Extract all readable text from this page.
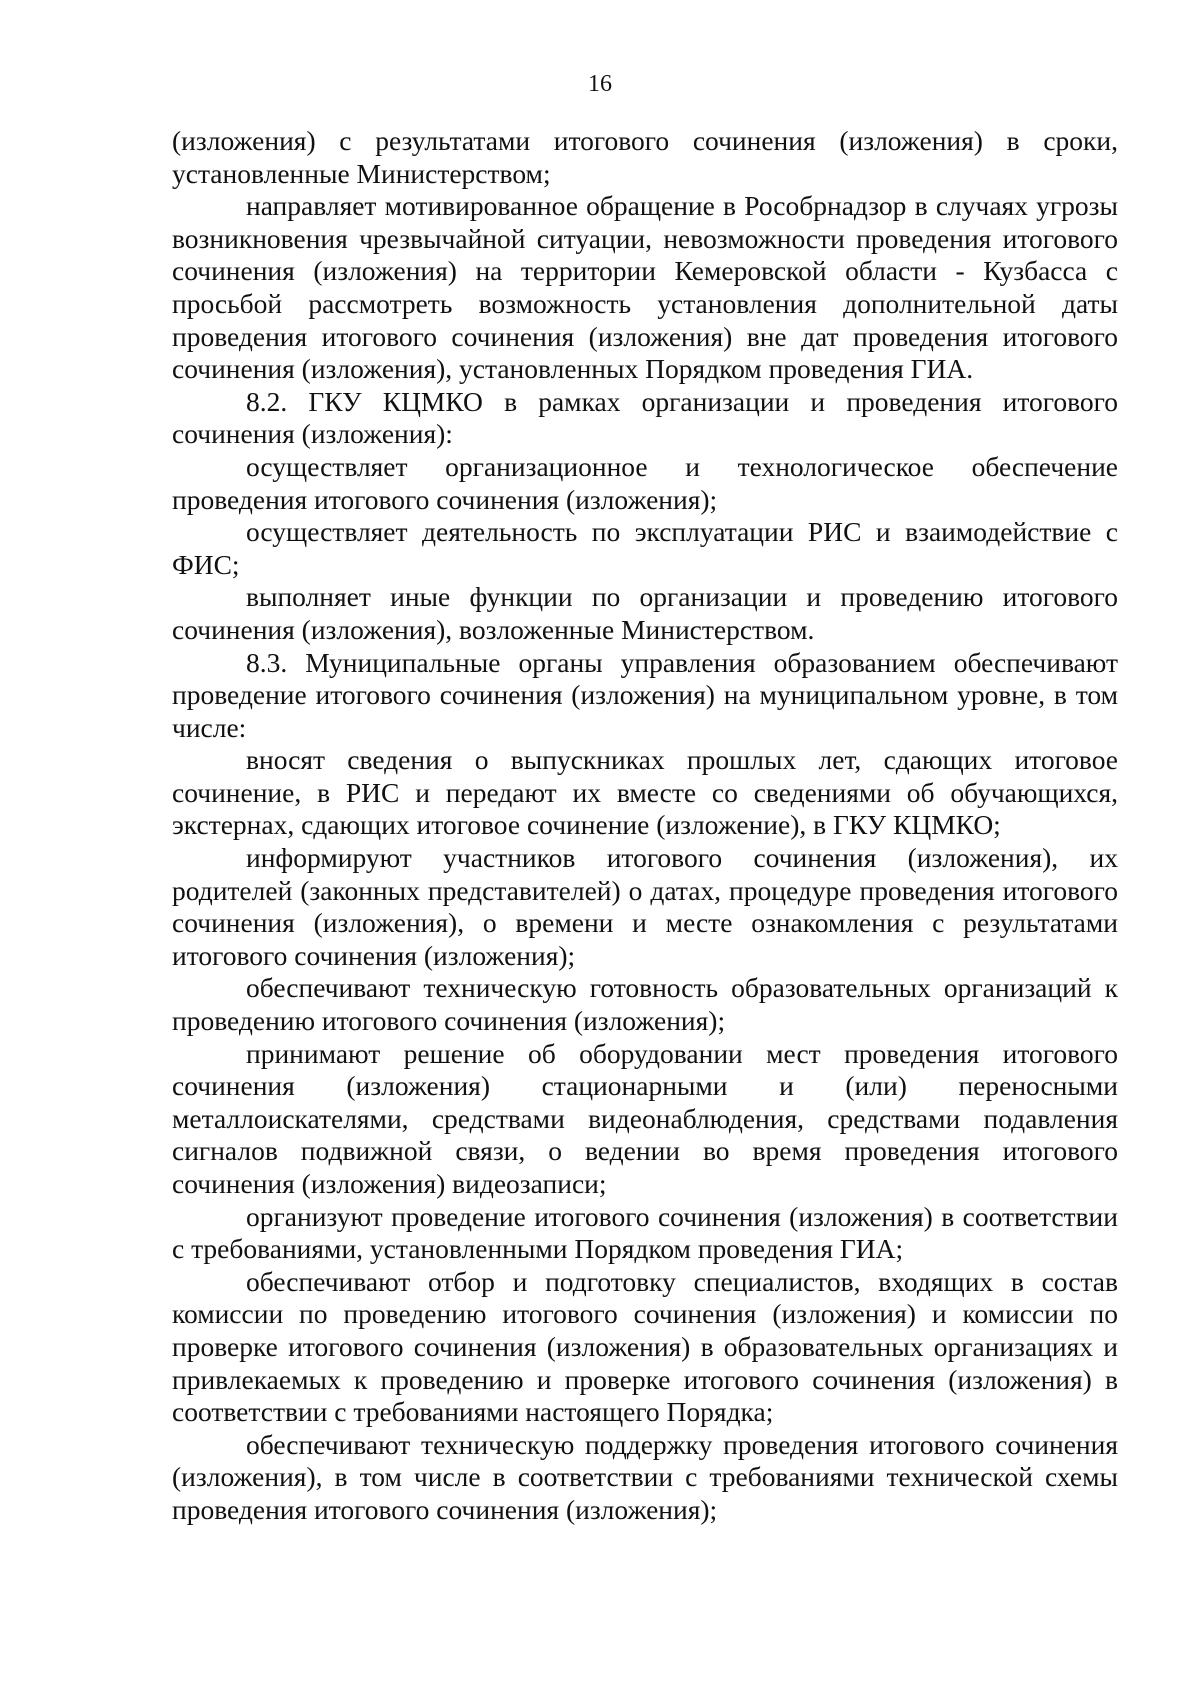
16

(изложения) с результатами итогового сочинения (изложения) в сроки, установленные Министерством;

направляет мотивированное обращение в Рособрнадзор в случаях угрозы возникновения чрезвычайной ситуации, невозможности проведения итогового сочинения (изложения) на территории Кемеровской области - Кузбасса с просьбой рассмотреть возможность установления дополнительной даты проведения итогового сочинения (изложения) вне дат проведения итогового сочинения (изложения), установленных Порядком проведения ГИА.

8.2. ГКУ КЦМКО в рамках организации и проведения итогового сочинения (изложения):

осуществляет организационное и технологическое обеспечение проведения итогового сочинения (изложения);

осуществляет деятельность по эксплуатации РИС и взаимодействие с ФИС;

выполняет иные функции по организации и проведению итогового сочинения (изложения), возложенные Министерством.

8.3. Муниципальные органы управления образованием обеспечивают проведение итогового сочинения (изложения) на муниципальном уровне, в том числе:

вносят сведения о выпускниках прошлых лет, сдающих итоговое сочинение, в РИС и передают их вместе со сведениями об обучающихся, экстернах, сдающих итоговое сочинение (изложение), в ГКУ КЦМКО;

информируют участников итогового сочинения (изложения), их родителей (законных представителей) о датах, процедуре проведения итогового сочинения (изложения), о времени и месте ознакомления с результатами итогового сочинения (изложения);

обеспечивают техническую готовность образовательных организаций к проведению итогового сочинения (изложения);

принимают решение об оборудовании мест проведения итогового сочинения (изложения) стационарными и (или) переносными металлоискателями, средствами видеонаблюдения, средствами подавления сигналов подвижной связи, о ведении во время проведения итогового сочинения (изложения) видеозаписи;

организуют проведение итогового сочинения (изложения) в соответствии с требованиями, установленными Порядком проведения ГИА;

обеспечивают отбор и подготовку специалистов, входящих в состав комиссии по проведению итогового сочинения (изложения) и комиссии по проверке итогового сочинения (изложения) в образовательных организациях и привлекаемых к проведению и проверке итогового сочинения (изложения) в соответствии с требованиями настоящего Порядка;

обеспечивают техническую поддержку проведения итогового сочинения (изложения), в том числе в соответствии с требованиями технической схемы проведения итогового сочинения (изложения);
